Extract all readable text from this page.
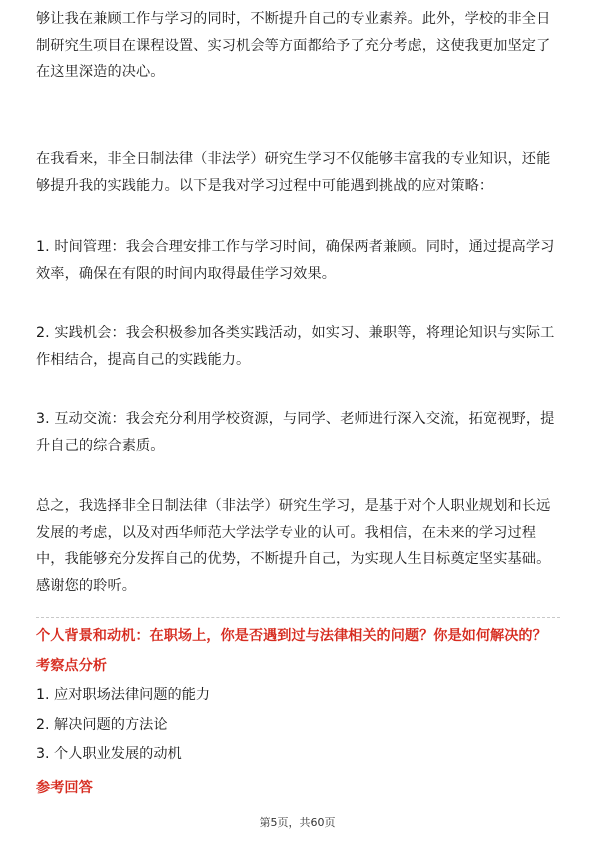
够让我在兼顾工作与学习的同时，不断提升自己的专业素养。此外，学校的非全日制研究生项目在课程设置、实习机会等方面都给予了充分考虑，这使我更加坚定了在这里深造的决心。

在我看来，非全日制法律（非法学）研究生学习不仅能够丰富我的专业知识，还能够提升我的实践能力。以下是我对学习过程中可能遇到挑战的应对策略：

1. 时间管理：我会合理安排工作与学习时间，确保两者兼顾。同时，通过提高学习效率，确保在有限的时间内取得最佳学习效果。

2. 实践机会：我会积极参加各类实践活动，如实习、兼职等，将理论知识与实际工作相结合，提高自己的实践能力。

3. 互动交流：我会充分利用学校资源，与同学、老师进行深入交流，拓宽视野，提升自己的综合素质。

总之，我选择非全日制法律（非法学）研究生学习，是基于对个人职业规划和长远发展的考虑，以及对西华师范大学法学专业的认可。我相信，在未来的学习过程中，我能够充分发挥自己的优势，不断提升自己，为实现人生目标奠定坚实基础。感谢您的聆听。

个人背景和动机：在职场上，你是否遇到过与法律相关的问题？你是如何解决的？

考察点分析

1. 应对职场法律问题的能力

2. 解决问题的方法论

3. 个人职业发展的动机

参考回答

第5页，共60页
